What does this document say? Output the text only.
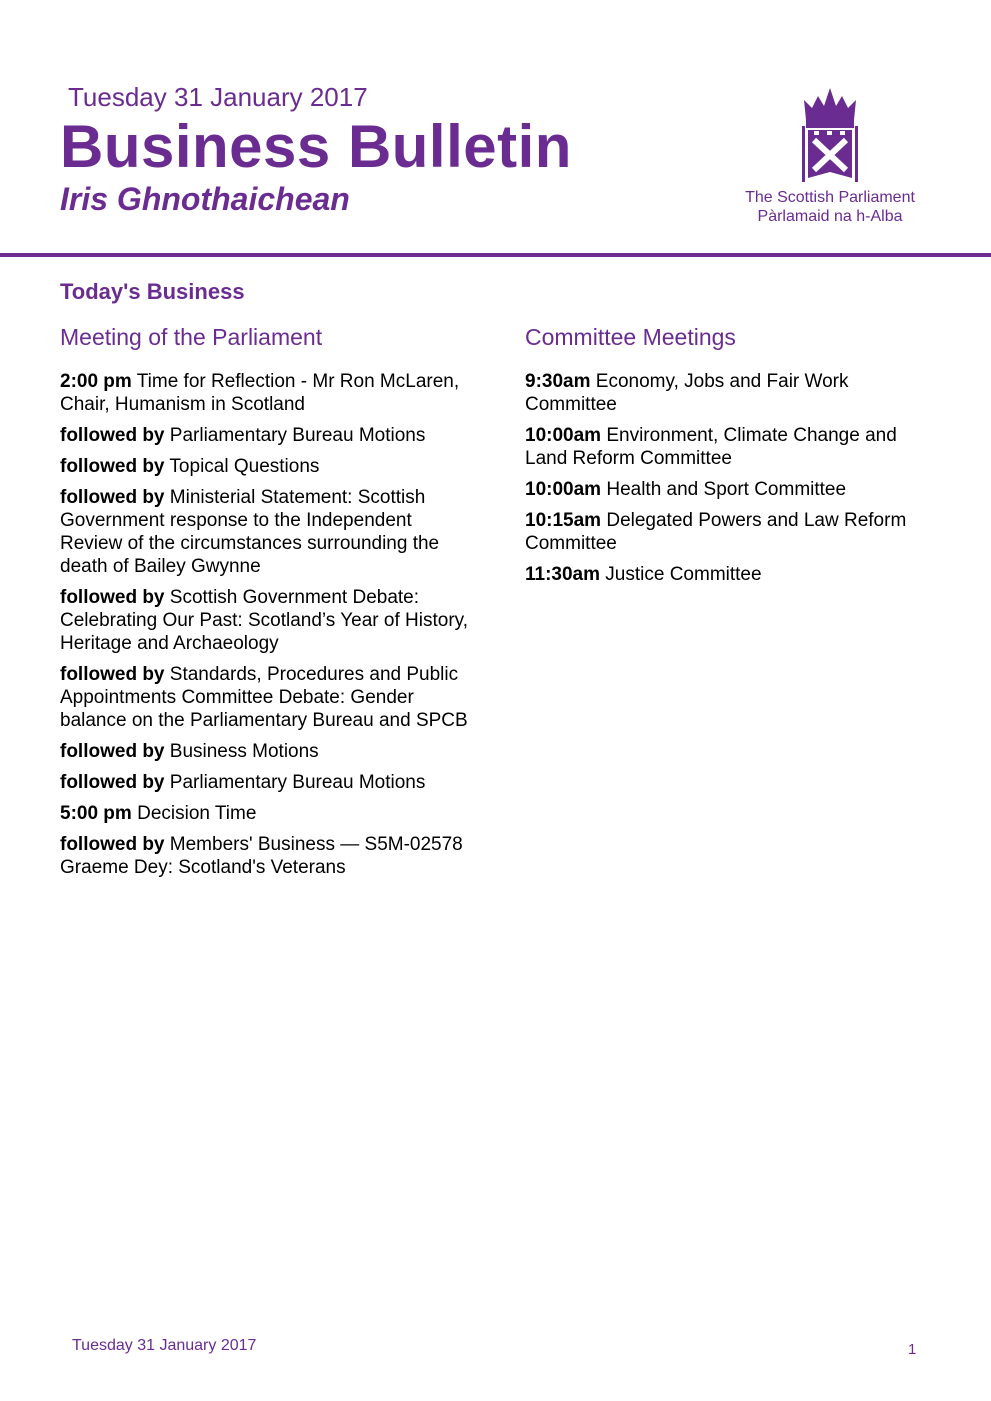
Tuesday 31 January 2017
Business Bulletin
Iris Ghnothaichean	The Scottish Parliament
Pàrlamaid na h-Alba
Today's Business
Meeting of the Parliament
2:00 pm Time for Reflection - Mr Ron McLaren, Chair, Humanism in Scotland
followed by Parliamentary Bureau Motions
followed by Topical Questions
followed by Ministerial Statement: Scottish Government response to the Independent Review of the circumstances surrounding the death of Bailey Gwynne
followed by Scottish Government Debate: Celebrating Our Past: Scotland’s Year of History, Heritage and Archaeology
followed by Standards, Procedures and Public Appointments Committee Debate: Gender balance on the Parliamentary Bureau and SPCB
followed by Business Motions
followed by Parliamentary Bureau Motions
5:00 pm Decision Time
followed by Members' Business — S5M-02578 Graeme Dey: Scotland's Veterans
Committee Meetings
9:30am Economy, Jobs and Fair Work Committee
10:00am Environment, Climate Change and Land Reform Committee
10:00am Health and Sport Committee
10:15am Delegated Powers and Law Reform Committee
11:30am Justice Committee
Tuesday 31 January 2017	1
